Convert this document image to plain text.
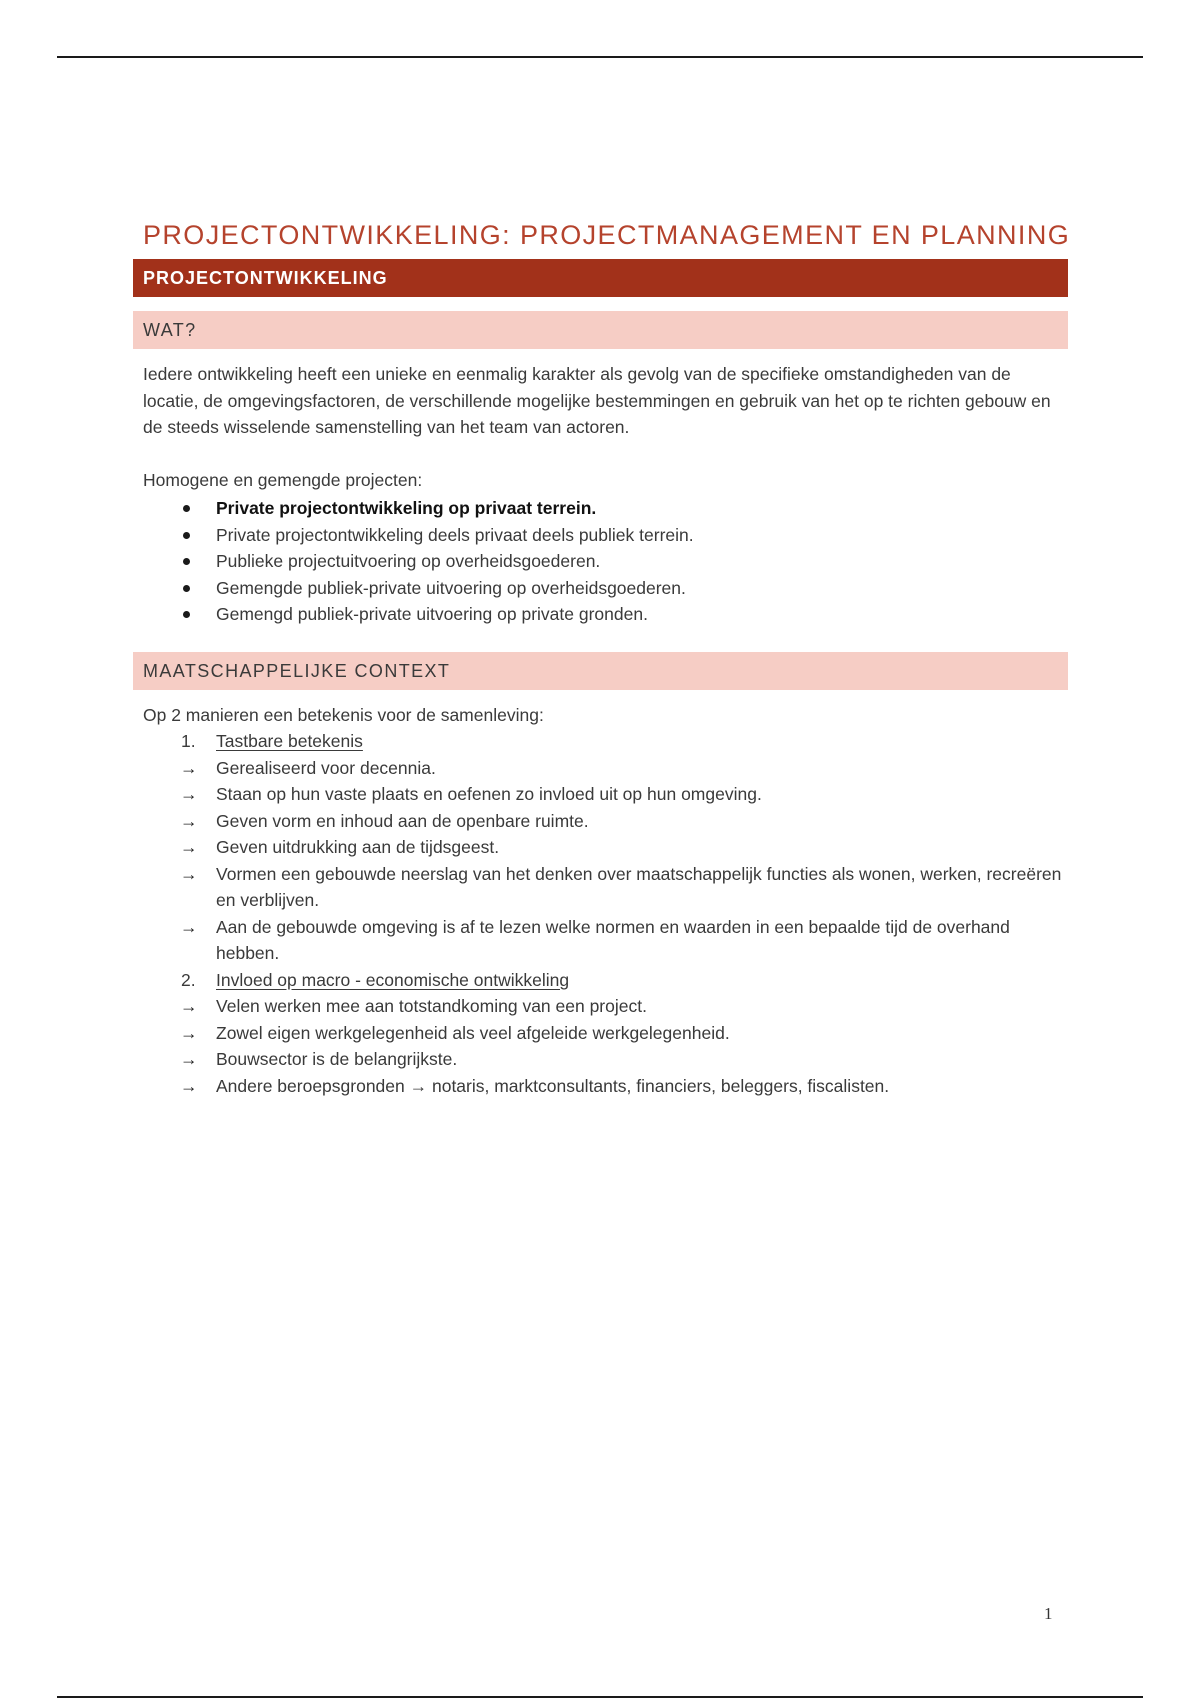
PROJECTONTWIKKELING: PROJECTMANAGEMENT EN PLANNING
PROJECTONTWIKKELING
WAT?
Iedere ontwikkeling heeft een unieke en eenmalig karakter als gevolg van de specifieke omstandigheden van de locatie, de omgevingsfactoren, de verschillende mogelijke bestemmingen en gebruik van het op te richten gebouw en de steeds wisselende samenstelling van het team van actoren.
Homogene en gemengde projecten:
Private projectontwikkeling op privaat terrein.
Private projectontwikkeling deels privaat deels publiek terrein.
Publieke projectuitvoering op overheidsgoederen.
Gemengde publiek-private uitvoering op overheidsgoederen.
Gemengd publiek-private uitvoering op private gronden.
MAATSCHAPPELIJKE CONTEXT
Op 2 manieren een betekenis voor de samenleving:
1. Tastbare betekenis
→ Gerealiseerd voor decennia.
→ Staan op hun vaste plaats en oefenen zo invloed uit op hun omgeving.
→ Geven vorm en inhoud aan de openbare ruimte.
→ Geven uitdrukking aan de tijdsgeest.
→ Vormen een gebouwde neerslag van het denken over maatschappelijk functies als wonen, werken, recreëren en verblijven.
→ Aan de gebouwde omgeving is af te lezen welke normen en waarden in een bepaalde tijd de overhand hebben.
2. Invloed op macro - economische ontwikkeling
→ Velen werken mee aan totstandkoming van een project.
→ Zowel eigen werkgelegenheid als veel afgeleide werkgelegenheid.
→ Bouwsector is de belangrijkste.
→ Andere beroepsgronden → notaris, marktconsultants, financiers, beleggers, fiscalisten.
1
